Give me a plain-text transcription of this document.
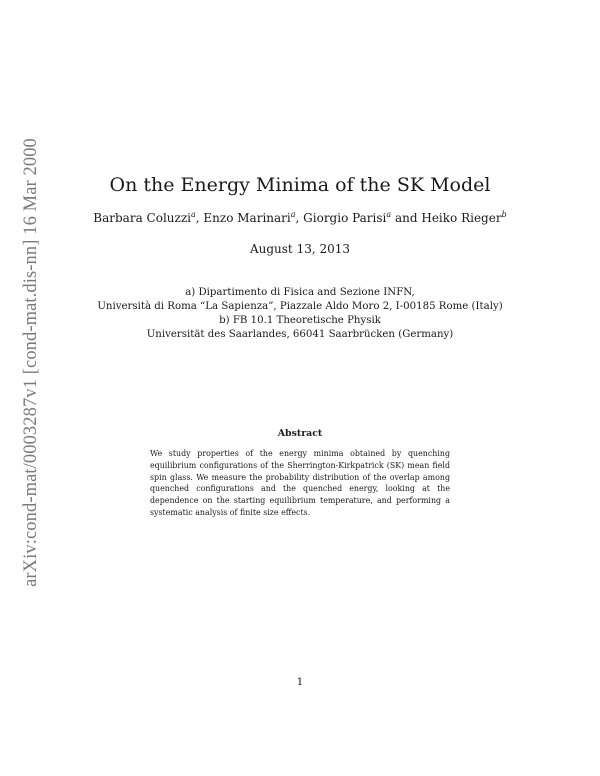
arXiv:cond-mat/0003287v1 [cond-mat.dis-nn] 16 Mar 2000	On the Energy Minima of the SK Model

Barbara Coluzzi$^a$, Enzo Marinari$^a$, Giorgio Parisi$^a$ and Heiko Rieger$^b$

August 13, 2013

a) Dipartimento di Fisica and Sezione INFN,
Università di Roma “La Sapienza”, Piazzale Aldo Moro 2, I-00185 Rome (Italy)
b) FB 10.1 Theoretische Physik
Universität des Saarlandes, 66041 Saarbrücken (Germany)
Abstract

We study properties of the energy minima obtained by quenching equilibrium configurations of the Sherrington-Kirkpatrick (SK) mean field spin glass. We measure the probability distribution of the overlap among quenched configurations and the quenched energy, looking at the dependence on the starting equilibrium temperature, and performing a systematic analysis of finite size effects.

1
